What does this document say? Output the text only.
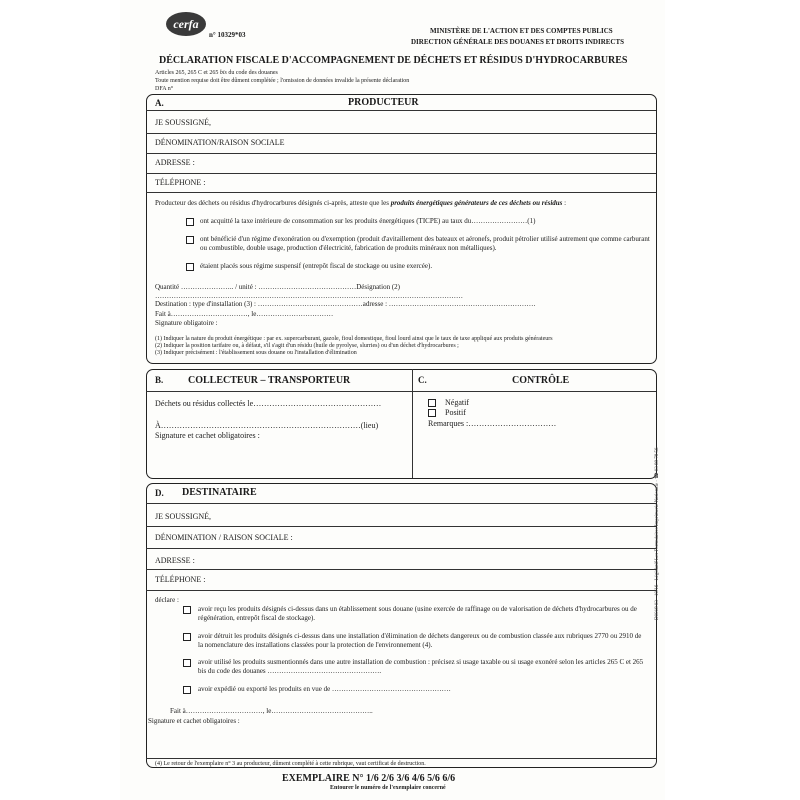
cerfa
n° 10329*03	MINISTÈRE DE L'ACTION ET DES COMPTES PUBLICS
DIRECTION GÉNÉRALE DES DOUANES ET DROITS INDIRECTS
DÉCLARATION FISCALE D'ACCOMPAGNEMENT DE DÉCHETS ET RÉSIDUS D'HYDROCARBURES
Articles 265, 265 C et 265 bis du code des douanes
Toute mention requise doit être dûment complétée ; l'omission de données invalide la présente déclaration
DFA n°
A.	PRODUCTEUR
JE SOUSSIGNÉ,
DÉNOMINATION/RAISON SOCIALE
ADRESSE :
TÉLÉPHONE :
Producteur des déchets ou résidus d'hydrocarbures désignés ci-après, atteste que les produits énergétiques générateurs de ces déchets ou résidus :
ont acquitté la taxe intérieure de consommation sur les produits énergétiques (TICPE) au taux du……………………(1)
ont bénéficié d'un régime d'exonération ou d'exemption (produit d'avitaillement des bateaux et aéronefs, produit pétrolier utilisé autrement que comme carburant ou combustible, double usage, production d'électricité, fabrication de produits minéraux non métalliques).
étaient placés sous régime suspensif (entrepôt fiscal de stockage ou usine exercée).
Quantité ………………….. / unité : ……………………………………Désignation (2)
……………………………………………………………………………………………………………………
Destination : type d'installation (3) : ………………………………………adresse : ………………………………………………………
Fait à……………………………, le……………………………
Signature obligatoire :
(1) Indiquer la nature du produit énergétique : par ex. supercarburant, gazole, fioul domestique, fioul lourd ainsi que le taux de taxe appliqué aux produits générateurs
(2) Indiquer la position tarifaire ou, à défaut, s'il s'agit d'un résidu (huile de pyrolyse, slurries) ou d'un déchet d'hydrocarbures ;
(3) Indiquer précisément : l'établissement sous douane ou l'installation d'élimination
B. COLLECTEUR – TRANSPORTEUR
Déchets ou résidus collectés le…………………………………………
À…………………………………………………………………(lieu)
Signature et cachet obligatoires :
C.	CONTRÔLE
Négatif
Positif
Remarques :……………………………
D. DESTINATAIRE
JE SOUSSIGNÉ,
DÉNOMINATION / RAISON SOCIALE :
ADRESSE :
TÉLÉPHONE :
déclare :
avoir reçu les produits désignés ci-dessus dans un établissement sous douane (usine exercée de raffinage ou de valorisation de déchets d'hydrocarbures ou de régénération, entrepôt fiscal de stockage).
avoir détruit les produits désignés ci-dessus dans une installation d'élimination de déchets dangereux ou de combustion classée aux rubriques 2770 ou 2910 de la nomenclature des installations classées pour la protection de l'environnement (4).
avoir utilisé les produits susmentionnés dans une autre installation de combustion : précisez si usage taxable ou si usage exonéré selon les articles 265 C et 265 bis du code des douanes ………………………………………….
avoir expédié ou exporté les produits en vue de ……………………………………………
Fait à……………………………, le……………………………………..
Signature et cachet obligatoires :
(4) Le retour de l'exemplaire n° 3 au producteur, dûment complété à cette rubrique, vaut certificat de destruction.
EXEMPLAIRE N° 1/6 2/6 3/6 4/6 5/6 6/6
Entourer le numéro de l'exemplaire concerné
D0018 03 · 10/16 · Législatif Les Formulaires Imprimerie Nationale · ☎ 03 88 78 56
